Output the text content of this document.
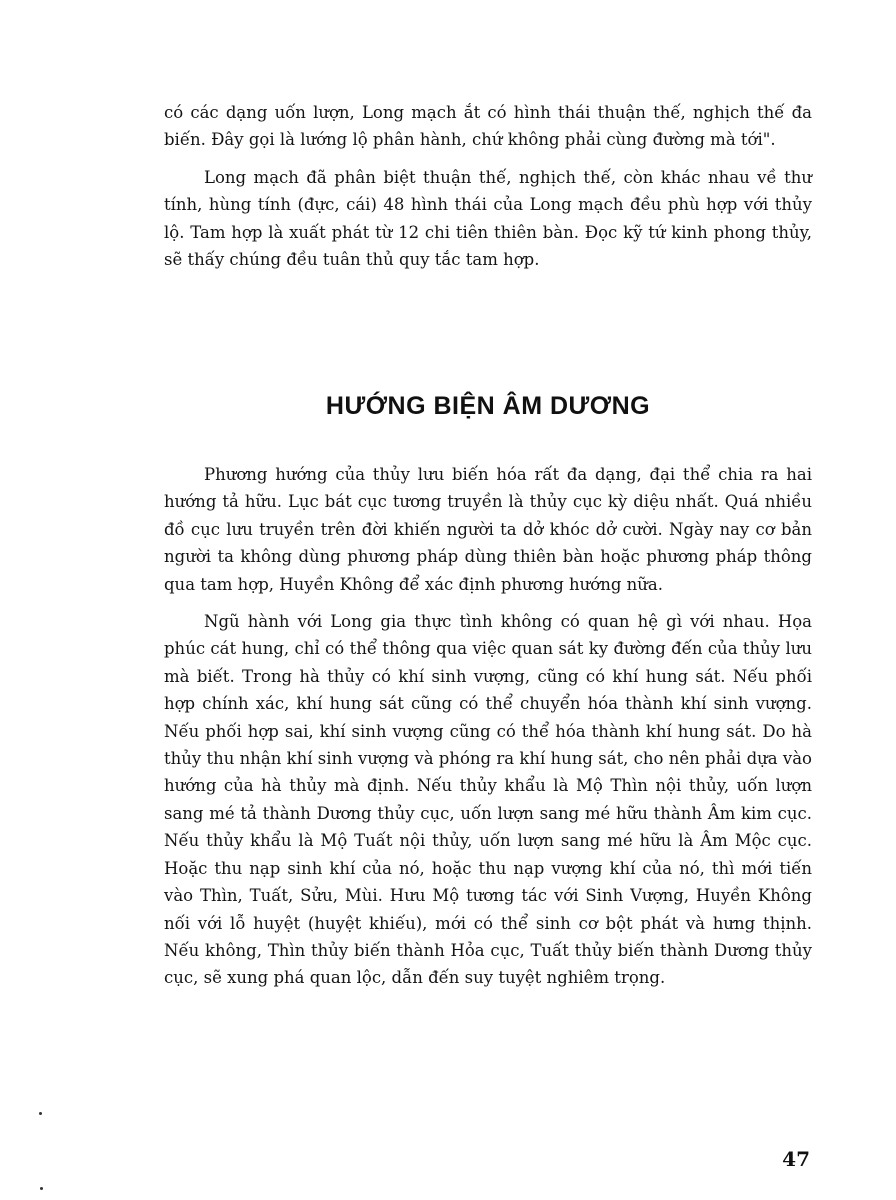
có các dạng uốn lượn, Long mạch ắt có hình thái thuận thế, nghịch thế đa biến. Đây gọi là lướng lộ phân hành, chứ không phải cùng đường mà tới".

Long mạch đã phân biệt thuận thế, nghịch thế, còn khác nhau về thư tính, hùng tính (đực, cái) 48 hình thái của Long mạch đều phù hợp với thủy lộ. Tam hợp là xuất phát từ 12 chi tiên thiên bàn. Đọc kỹ tứ kinh phong thủy, sẽ thấy chúng đều tuân thủ quy tắc tam hợp.

HƯỚNG BIỆN ÂM DƯƠNG

Phương hướng của thủy lưu biến hóa rất đa dạng, đại thể chia ra hai hướng tả hữu. Lục bát cục tương truyền là thủy cục kỳ diệu nhất. Quá nhiều đồ cục lưu truyền trên đời khiến người ta dở khóc dở cười. Ngày nay cơ bản người ta không dùng phương pháp dùng thiên bàn hoặc phương pháp thông qua tam hợp, Huyền Không để xác định phương hướng nữa.

Ngũ hành với Long gia thực tình không có quan hệ gì với nhau. Họa phúc cát hung, chỉ có thể thông qua việc quan sát ky đường đến của thủy lưu mà biết. Trong hà thủy có khí sinh vượng, cũng có khí hung sát. Nếu phối hợp chính xác, khí hung sát cũng có thể chuyển hóa thành khí sinh vượng. Nếu phối hợp sai, khí sinh vượng cũng có thể hóa thành khí hung sát. Do hà thủy thu nhận khí sinh vượng và phóng ra khí hung sát, cho nên phải dựa vào hướng của hà thủy mà định. Nếu thủy khẩu là Mộ Thìn nội thủy, uốn lượn sang mé tả thành Dương thủy cục, uốn lượn sang mé hữu thành Âm kim cục. Nếu thủy khẩu là Mộ Tuất nội thủy, uốn lượn sang mé hữu là Âm Mộc cục. Hoặc thu nạp sinh khí của nó, hoặc thu nạp vượng khí của nó, thì mới tiến vào Thìn, Tuất, Sửu, Mùi. Hưu Mộ tương tác với Sinh Vượng, Huyền Không nối với lỗ huyệt (huyệt khiếu), mới có thể sinh cơ bột phát và hưng thịnh. Nếu không, Thìn thủy biến thành Hỏa cục, Tuất thủy biến thành Dương thủy cục, sẽ xung phá quan lộc, dẫn đến suy tuyệt nghiêm trọng.

47
